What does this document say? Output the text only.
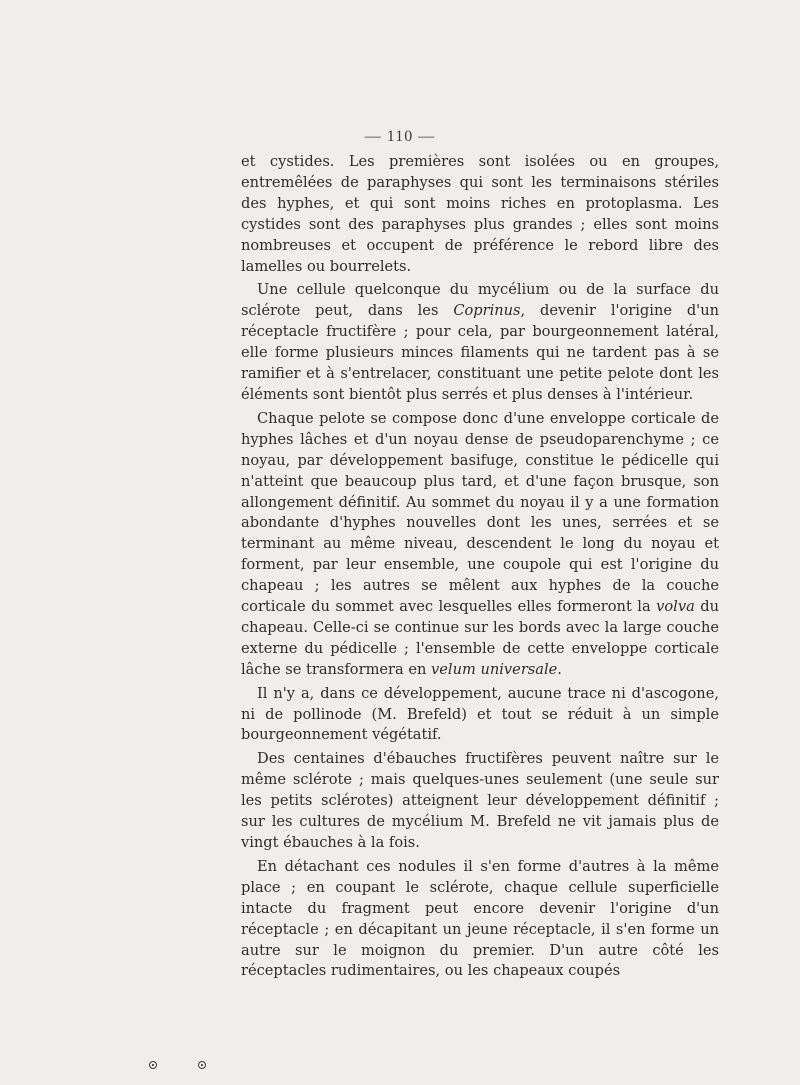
— 110 —

et cystides. Les premières sont isolées ou en groupes, entremêlées de paraphyses qui sont les terminaisons stériles des hyphes, et qui sont moins riches en protoplasma. Les cystides sont des paraphyses plus grandes ; elles sont moins nombreuses et occupent de préférence le rebord libre des lamelles ou bourrelets.

Une cellule quelconque du mycélium ou de la surface du sclérote peut, dans les Coprinus, devenir l'origine d'un réceptacle fructifère ; pour cela, par bourgeonnement latéral, elle forme plusieurs minces filaments qui ne tardent pas à se ramifier et à s'entrelacer, constituant une petite pelote dont les éléments sont bientôt plus serrés et plus denses à l'intérieur.

Chaque pelote se compose donc d'une enveloppe corticale de hyphes lâches et d'un noyau dense de pseudoparenchyme ; ce noyau, par développement basifuge, constitue le pédicelle qui n'atteint que beaucoup plus tard, et d'une façon brusque, son allongement définitif. Au sommet du noyau il y a une formation abondante d'hyphes nouvelles dont les unes, serrées et se terminant au même niveau, descendent le long du noyau et forment, par leur ensemble, une coupole qui est l'origine du chapeau ; les autres se mêlent aux hyphes de la couche corticale du sommet avec lesquelles elles formeront la volva du chapeau. Celle-ci se continue sur les bords avec la large couche externe du pédicelle ; l'ensemble de cette enveloppe corticale lâche se transformera en velum universale.

Il n'y a, dans ce développement, aucune trace ni d'ascogone, ni de pollinode (M. Brefeld) et tout se réduit à un simple bourgeonnement végétatif.

Des centaines d'ébauches fructifères peuvent naître sur le même sclérote ; mais quelques-unes seulement (une seule sur les petits sclérotes) atteignent leur développement définitif ; sur les cultures de mycélium M. Brefeld ne vit jamais plus de vingt ébauches à la fois.

En détachant ces nodules il s'en forme d'autres à la même place ; en coupant le sclérote, chaque cellule superficielle intacte du fragment peut encore devenir l'origine d'un réceptacle ; en décapitant un jeune réceptacle, il s'en forme un autre sur le moignon du premier. D'un autre côté les réceptacles rudimentaires, ou les chapeaux coupés
